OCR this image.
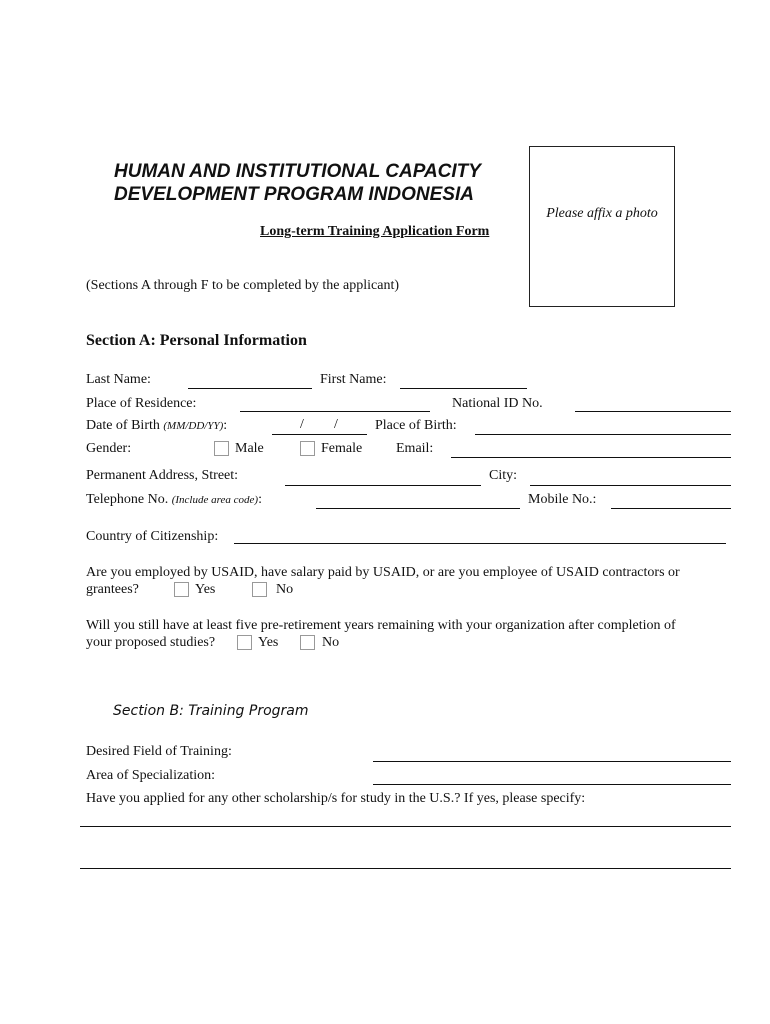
HUMAN AND INSTITUTIONAL CAPACITY
DEVELOPMENT PROGRAM INDONESIA
Long-term Training Application Form
Please affix a photo
(Sections A through F to be completed by the applicant)
Section A: Personal Information
Last Name:	First Name:
Place of Residence:	National ID No.
Date of Birth (MM/DD/YY):	/ /	Place of Birth:
Gender:	Male	Female Email:
Permanent Address, Street:	City:
Telephone No. (Include area code):	Mobile No.:
Country of Citizenship:
Are you employed by USAID, have salary paid by USAID, or are you employee of USAID contractors or
grantees?	Yes	No
Will you still have at least five pre-retirement years remaining with your organization after completion of
your proposed studies?	Yes	No
Section B: Training Program
Desired Field of Training:
Area of Specialization:
Have you applied for any other scholarship/s for study in the U.S.? If yes, please specify:
